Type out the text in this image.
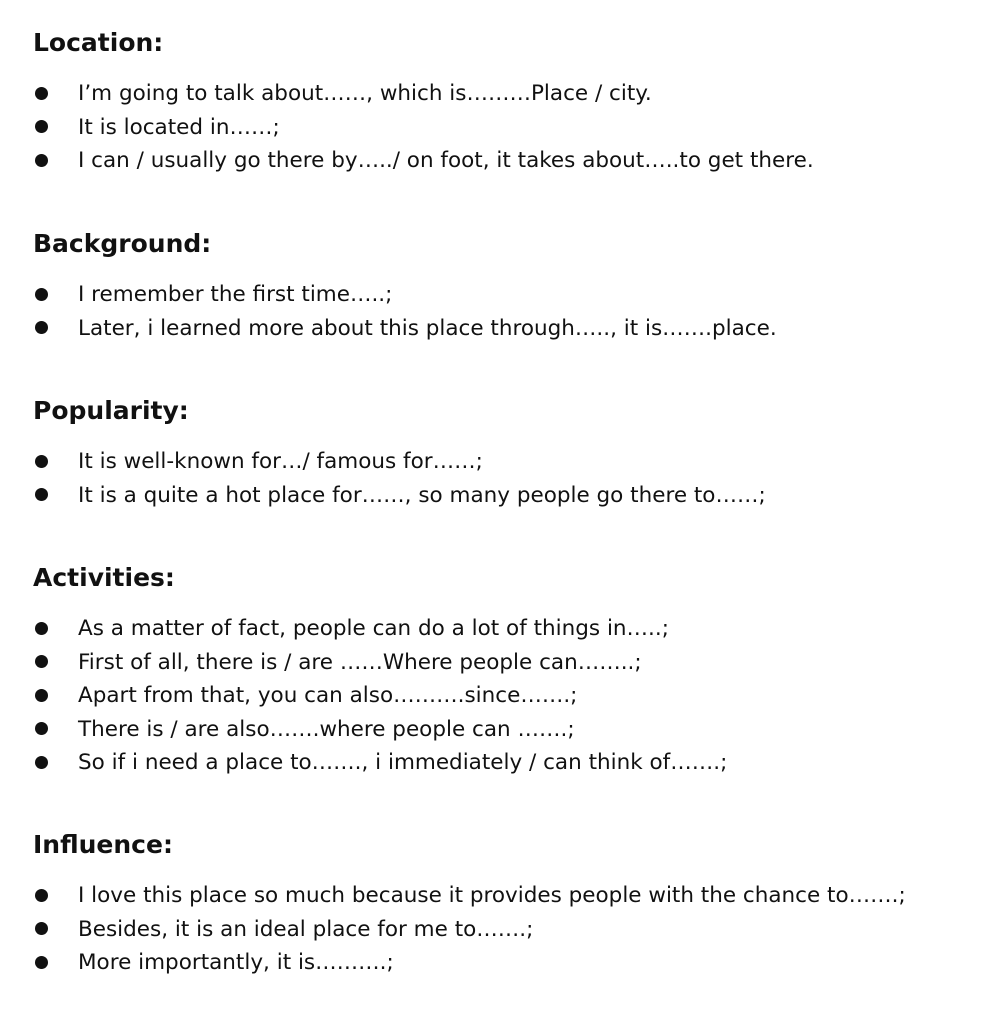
Location:
I’m going to talk about……, which is………Place / city.
It is located in……;
I can / usually go there by…../ on foot, it takes about…..to get there.
Background:
I remember the first time…..;
Later, i learned more about this place through….., it is…….place.
Popularity:
It is well-known for…/ famous for……;
It is a quite a hot place for……, so many people go there to……;
Activities:
As a matter of fact, people can do a lot of things in…..;
First of all, there is / are ……Where people can……..;
Apart from that, you can also……….since…….;
There is / are also…….where people can …….;
So if i need a place to……., i immediately / can think of…….;
Influence:
I love this place so much because it provides people with the chance to…….;
Besides, it is an ideal place for me to…….;
More importantly, it is……….;
